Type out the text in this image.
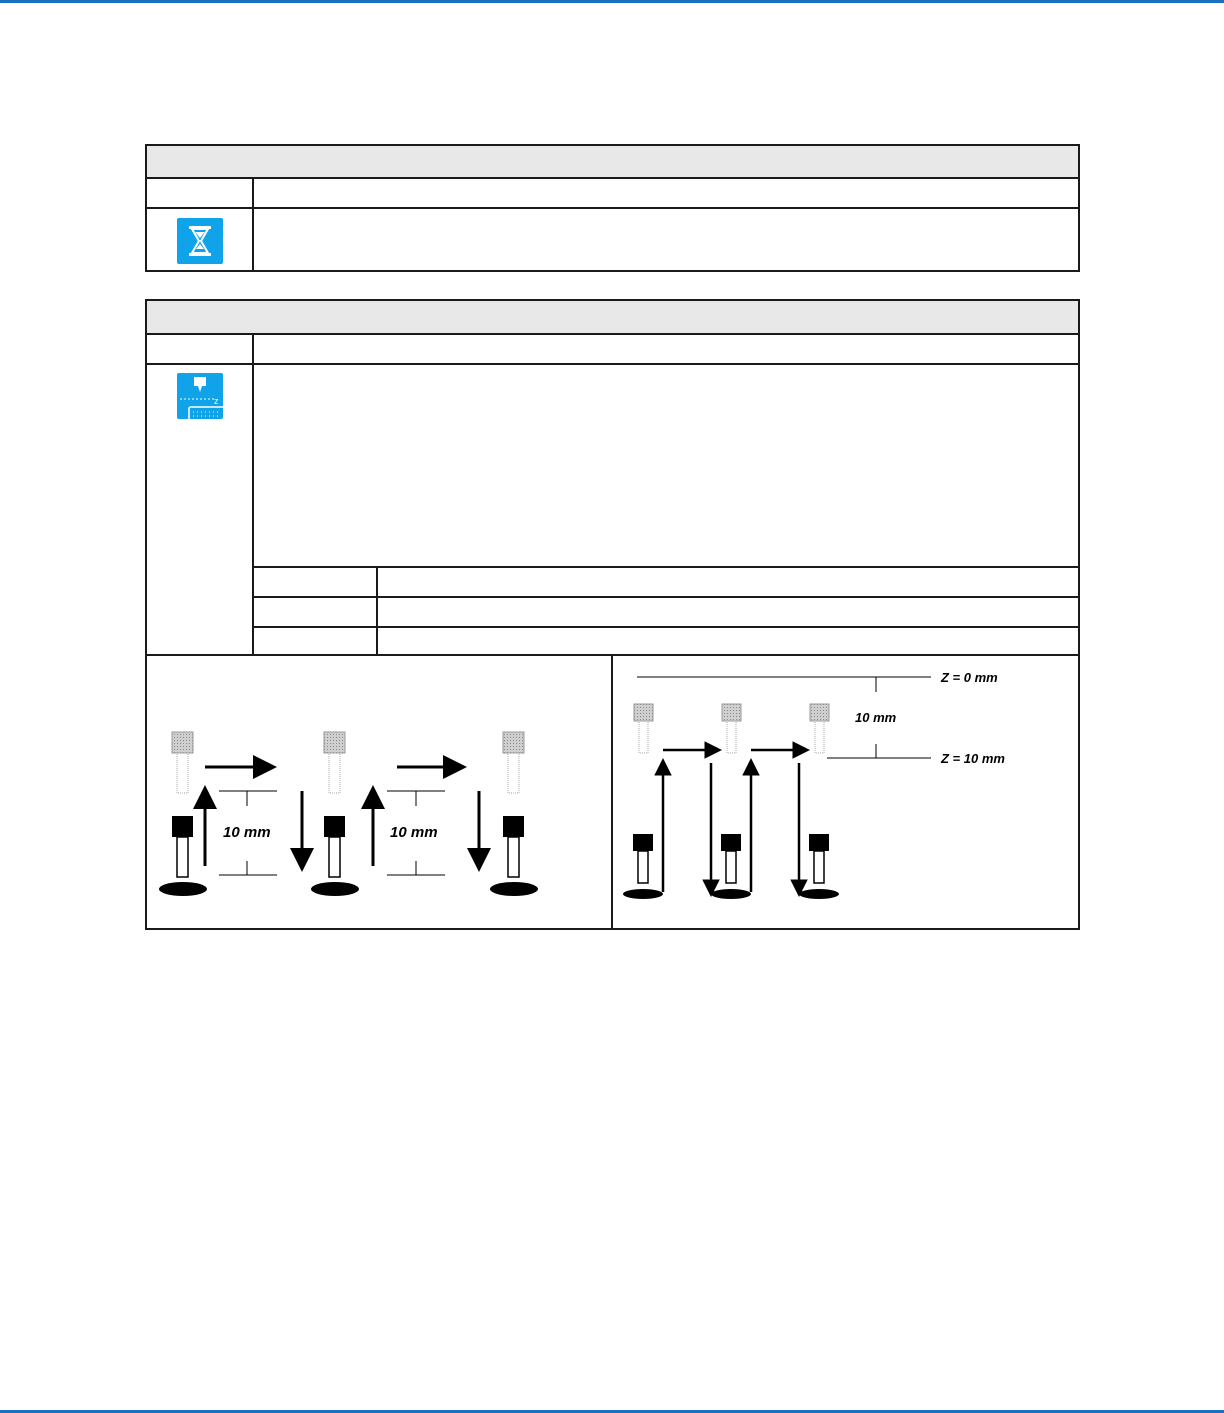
z
10 mm	10 mm
Z = 0 mm
Z = 10 mm
10 mm
